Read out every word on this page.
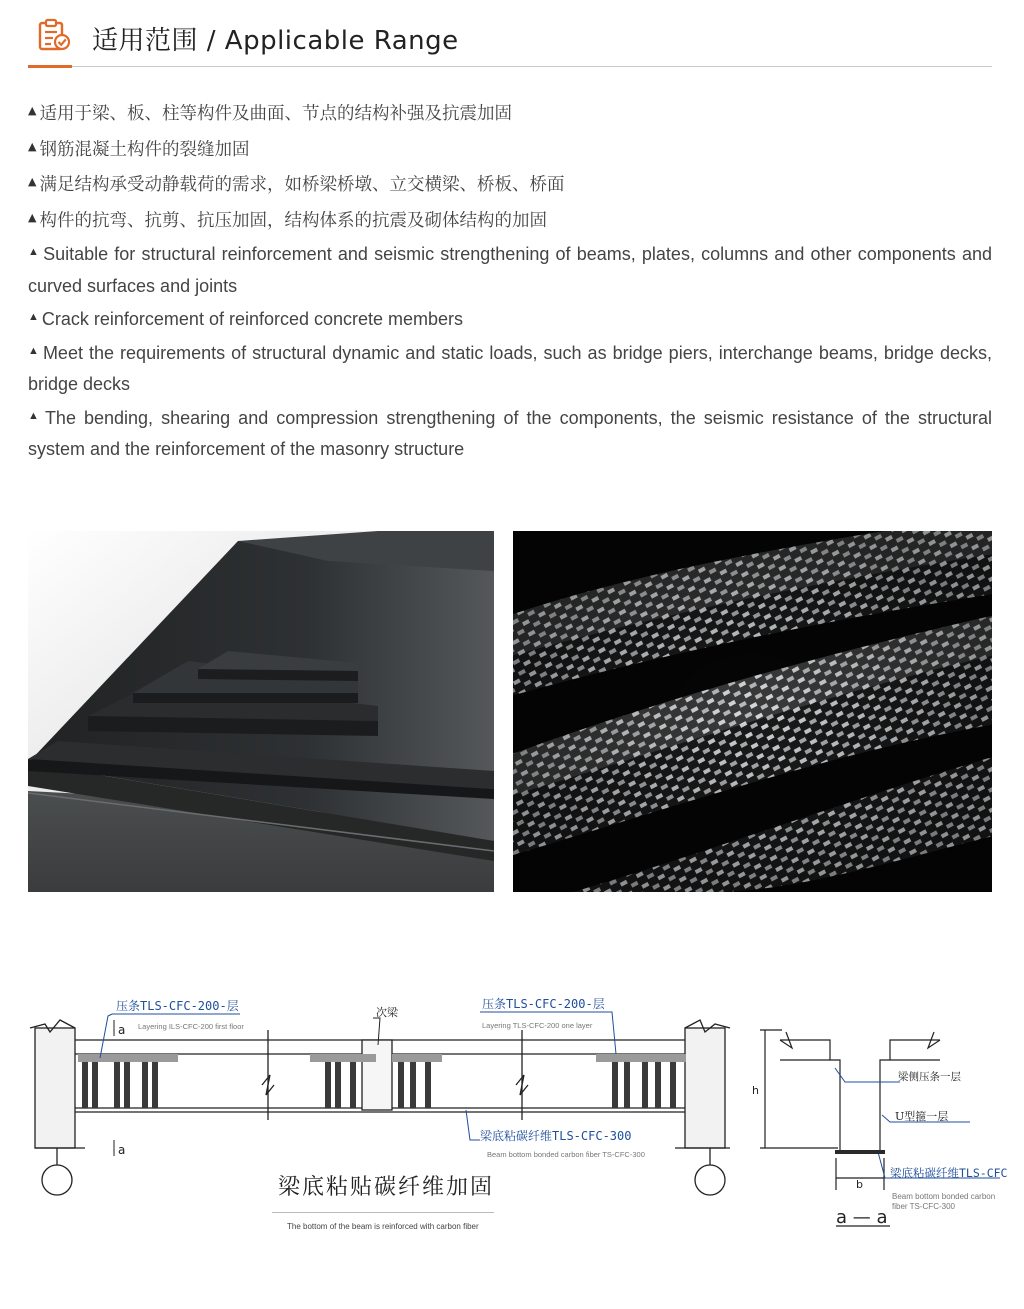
适用范围 / Applicable Range
▲ 适用于梁、板、柱等构件及曲面、节点的结构补强及抗震加固
▲ 钢筋混凝土构件的裂缝加固
▲ 满足结构承受动静载荷的需求，如桥梁桥墩、立交横梁、桥板、桥面
▲ 构件的抗弯、抗剪、抗压加固，结构体系的抗震及砌体结构的加固
▲ Suitable for structural reinforcement and seismic strengthening of beams, plates, columns and other components and curved surfaces and joints
▲ Crack reinforcement of reinforced concrete members
▲ Meet the requirements of structural dynamic and static loads, such as bridge piers, interchange beams, bridge decks, bridge decks
▲ The bending, shearing and compression strengthening of the components, the seismic resistance of the structural system and the reinforcement of the masonry structure
压条TLS-CFC-200-层
Layering ILS-CFC-200 first floor
a
a
次梁
压条TLS-CFC-200-层
Layering TLS-CFC-200 one layer
梁底粘碳纤维TLS-CFC-300
Beam bottom bonded carbon fiber TS-CFC-300
梁侧压条一层
U型箍一层
梁底粘碳纤维TLS-CFC
Beam bottom bonded carbon
fiber TS-CFC-300
h
b
a — a
梁底粘贴碳纤维加固
The bottom of the beam is reinforced with carbon fiber
